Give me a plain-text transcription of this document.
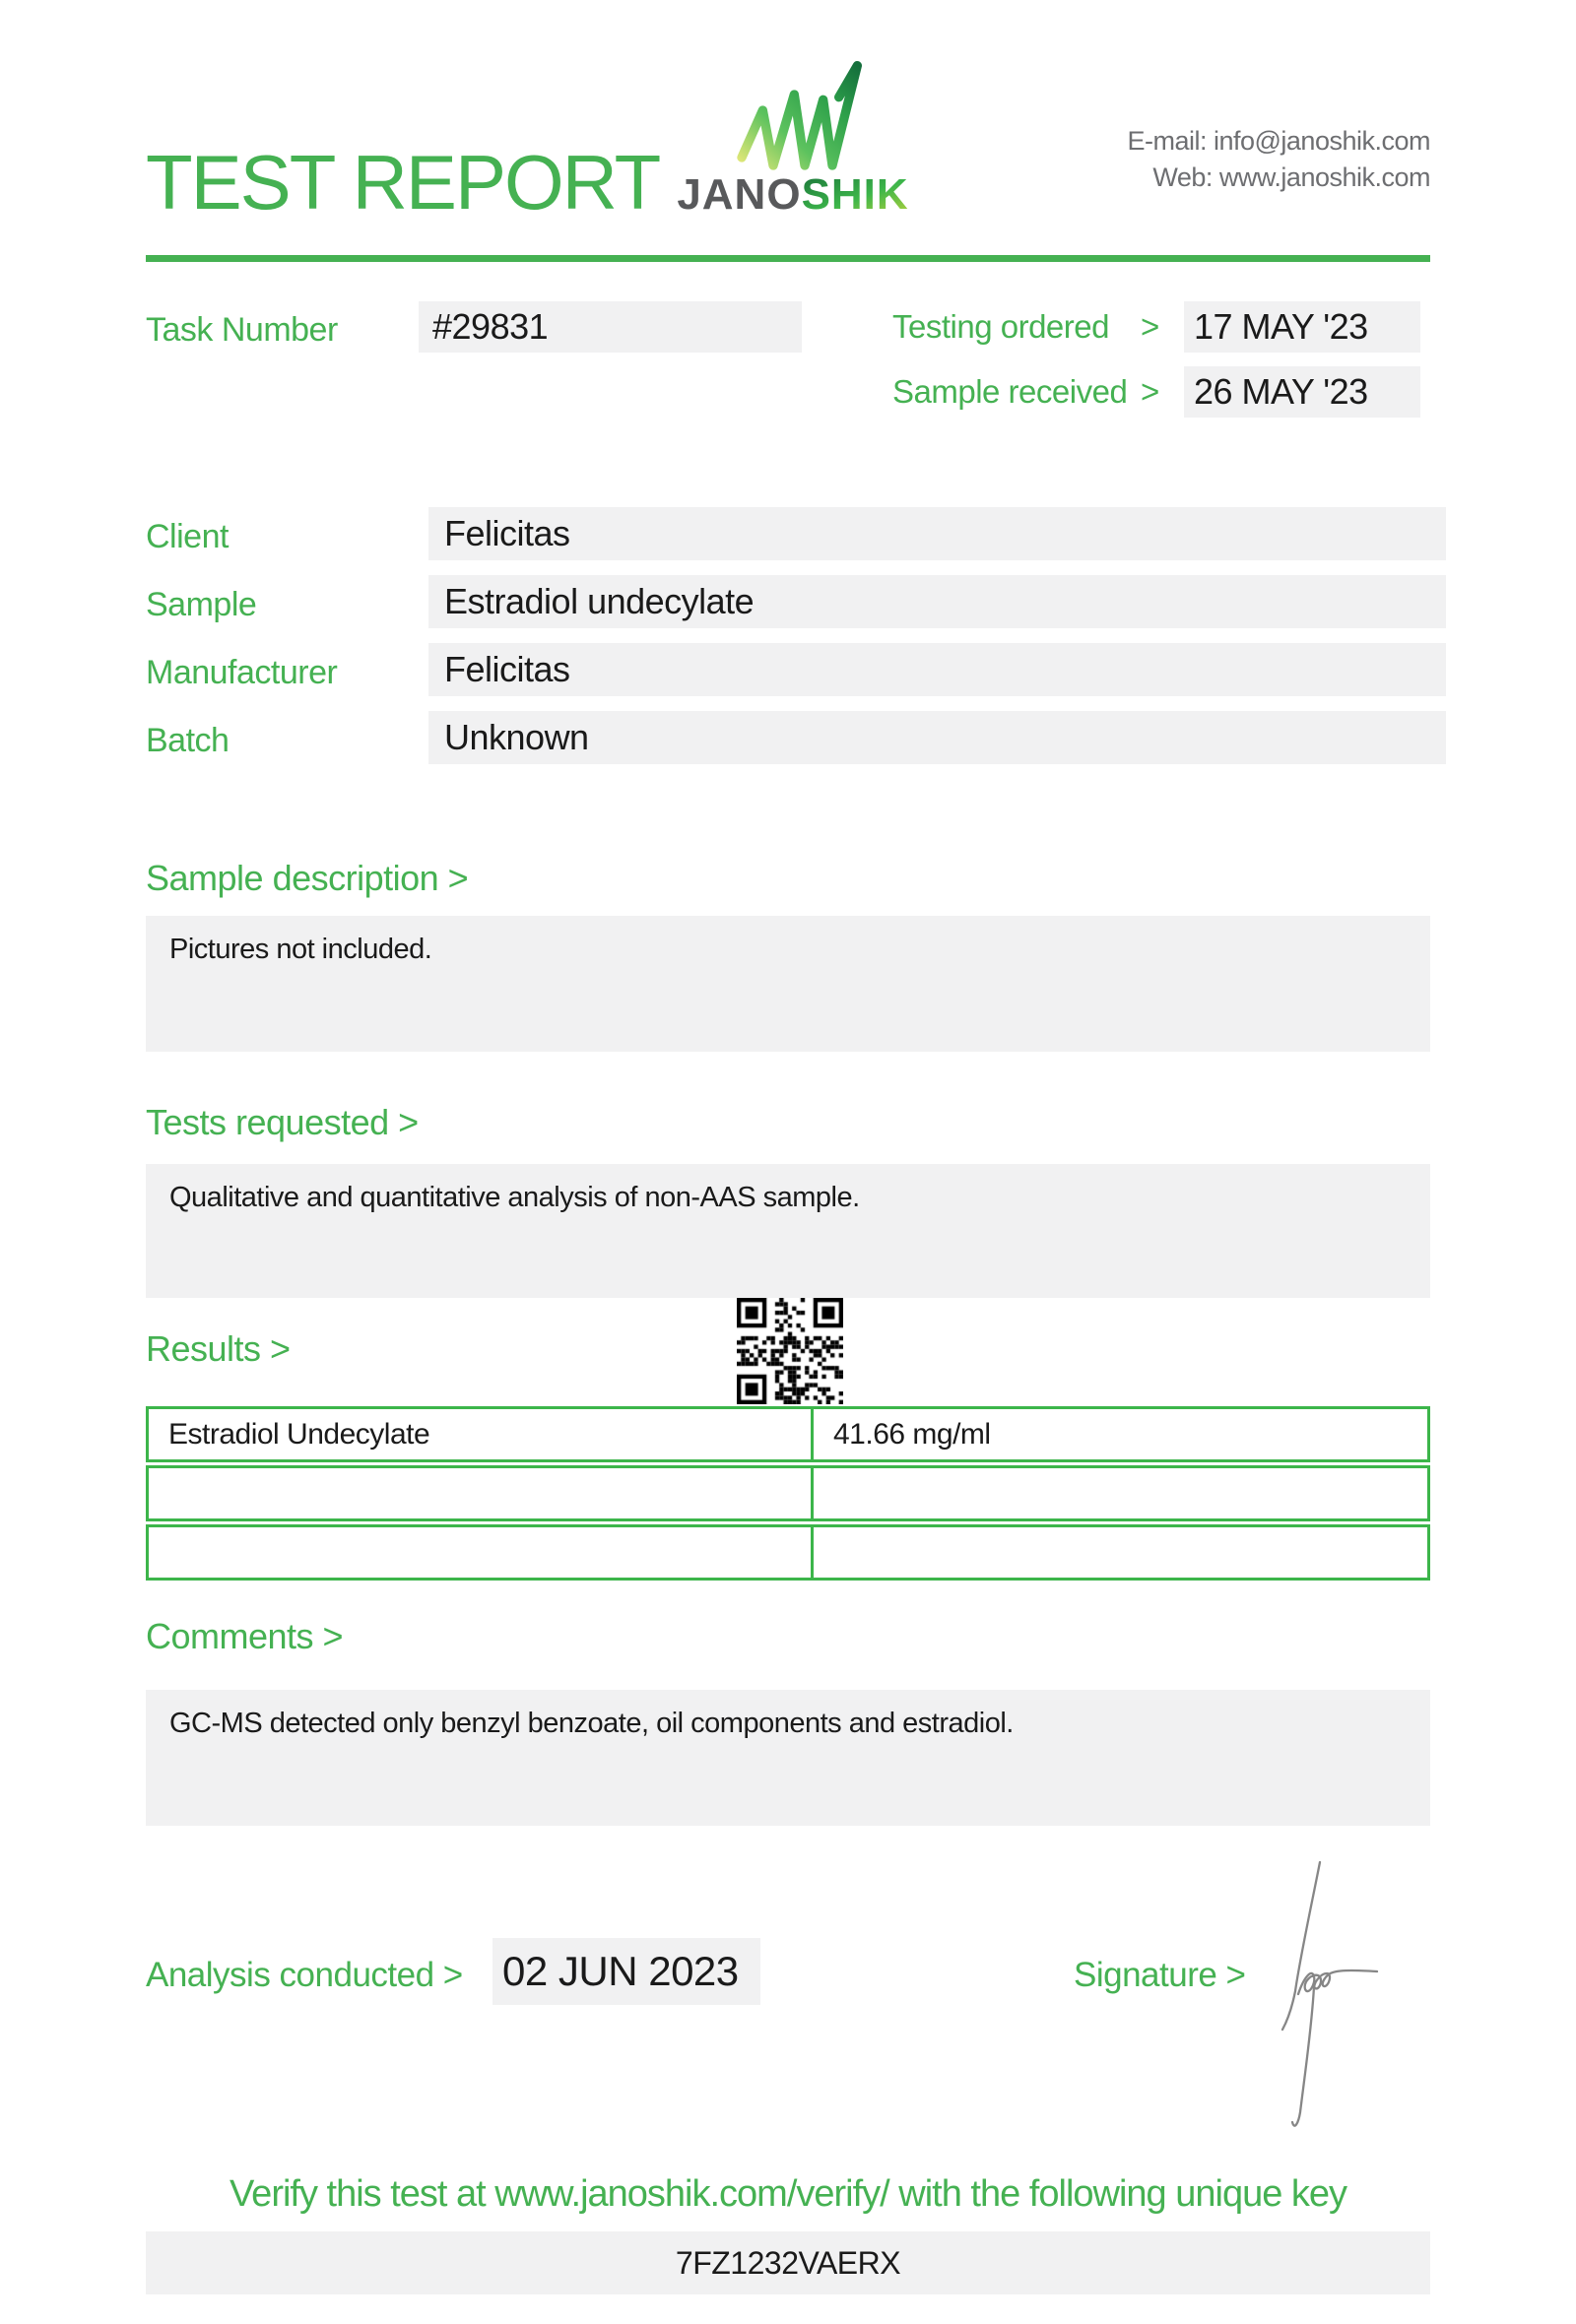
TEST REPORT JANOSHIK
E-mail: info@janoshik.com
Web: www.janoshik.com
Task Number	#29831	Testing ordered > 17 MAY '23
Sample received > 26 MAY '23
Client	Felicitas
Sample	Estradiol undecylate
Manufacturer	Felicitas
Batch	Unknown
Sample description >
Pictures not included.
Tests requested >
Qualitative and quantitative analysis of non-AAS sample.
Results >
Estradiol Undecylate	41.66 mg/ml
Comments >
GC-MS detected only benzyl benzoate, oil components and estradiol.
Analysis conducted > 02 JUN 2023	Signature >
Verify this test at www.janoshik.com/verify/ with the following unique key
7FZ1232VAERX
